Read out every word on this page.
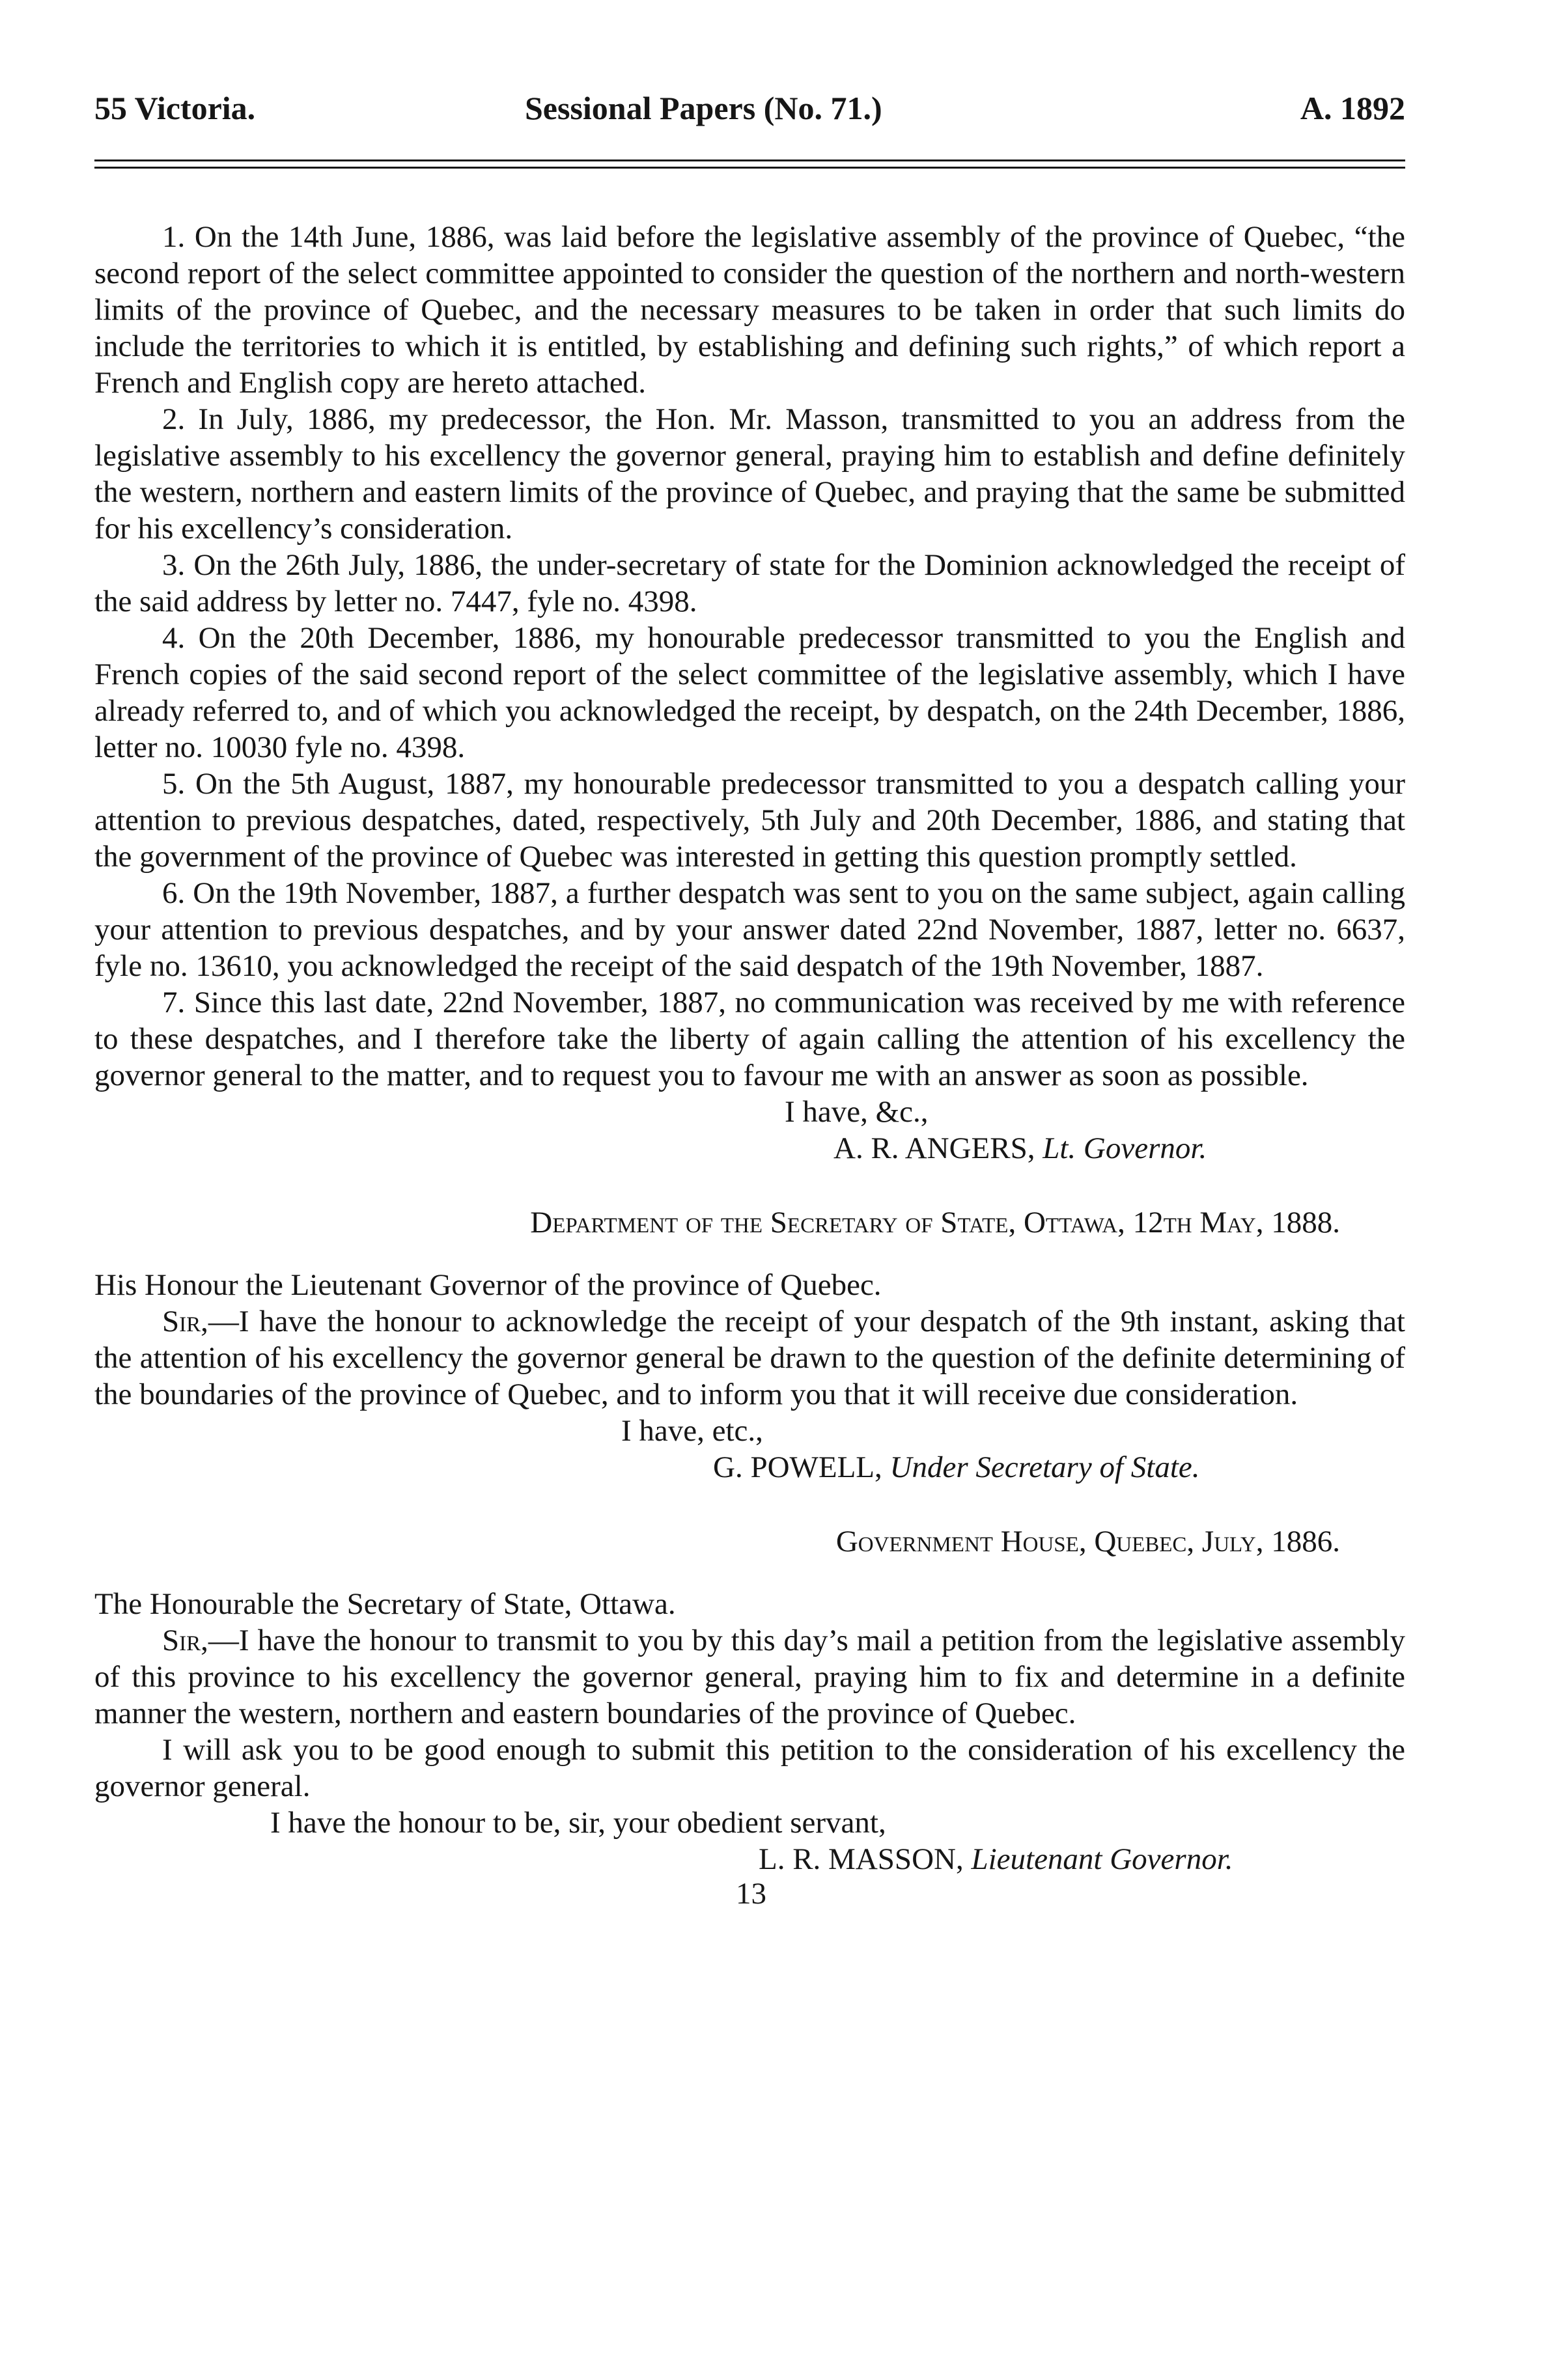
55 Victoria.	Sessional Papers (No. 71.)	A. 1892

1. On the 14th June, 1886, was laid before the legislative assembly of the province of Quebec, “the second report of the select committee appointed to consider the question of the northern and north-western limits of the province of Quebec, and the necessary measures to be taken in order that such limits do include the territories to which it is entitled, by establishing and defining such rights,” of which report a French and English copy are hereto attached.

2. In July, 1886, my predecessor, the Hon. Mr. Masson, transmitted to you an address from the legislative assembly to his excellency the governor general, praying him to establish and define definitely the western, northern and eastern limits of the province of Quebec, and praying that the same be submitted for his excellency’s consideration.

3. On the 26th July, 1886, the under-secretary of state for the Dominion acknowledged the receipt of the said address by letter no. 7447, fyle no. 4398.

4. On the 20th December, 1886, my honourable predecessor transmitted to you the English and French copies of the said second report of the select committee of the legislative assembly, which I have already referred to, and of which you acknowledged the receipt, by despatch, on the 24th December, 1886, letter no. 10030 fyle no. 4398.

5. On the 5th August, 1887, my honourable predecessor transmitted to you a despatch calling your attention to previous despatches, dated, respectively, 5th July and 20th December, 1886, and stating that the government of the province of Quebec was interested in getting this question promptly settled.

6. On the 19th November, 1887, a further despatch was sent to you on the same subject, again calling your attention to previous despatches, and by your answer dated 22nd November, 1887, letter no. 6637, fyle no. 13610, you acknowledged the receipt of the said despatch of the 19th November, 1887.

7. Since this last date, 22nd November, 1887, no communication was received by me with reference to these despatches, and I therefore take the liberty of again calling the attention of his excellency the governor general to the matter, and to request you to favour me with an answer as soon as possible.

I have, &c.,
A. R. ANGERS, Lt. Governor.
Department of the Secretary of State, Ottawa, 12th May, 1888.
His Honour the Lieutenant Governor of the province of Quebec.

Sir,—I have the honour to acknowledge the receipt of your despatch of the 9th instant, asking that the attention of his excellency the governor general be drawn to the question of the definite determining of the boundaries of the province of Quebec, and to inform you that it will receive due consideration.

I have, etc.,
G. POWELL, Under Secretary of State.
Government House, Quebec, July, 1886.
The Honourable the Secretary of State, Ottawa.

Sir,—I have the honour to transmit to you by this day’s mail a petition from the legislative assembly of this province to his excellency the governor general, praying him to fix and determine in a definite manner the western, northern and eastern boundaries of the province of Quebec.

I will ask you to be good enough to submit this petition to the consideration of his excellency the governor general.

I have the honour to be, sir, your obedient servant,
L. R. MASSON, Lieutenant Governor.
13
